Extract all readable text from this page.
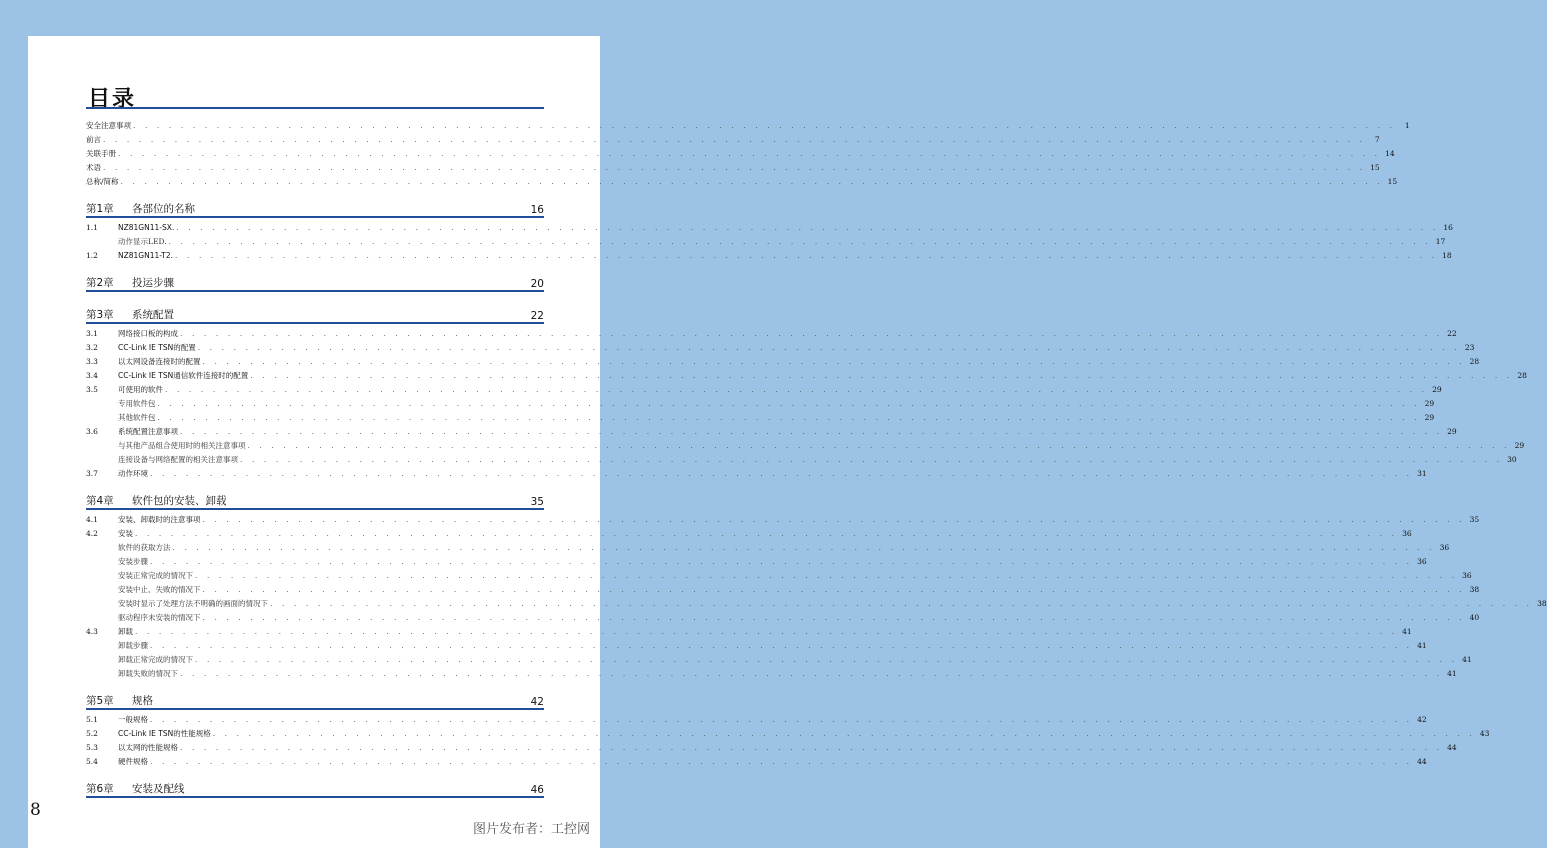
目录
安全注意事项 . . . . . . . . . . . . . . . . . . . . . . . . . . . . . . . . . . . . . . . . . . . . . . . . . . . . . . . . . . . . . . . . . . . . . . . . . . . . . . . . . . . . . . . . . . . . . . . . . . . . . . . . . .	1
前言 . . . . . . . . . . . . . . . . . . . . . . . . . . . . . . . . . . . . . . . . . . . . . . . . . . . . . . . . . . . . . . . . . . . . . . . . . . . . . . . . . . . . . . . . . . . . . . . . . . . . . . . . . .	7
关联手册 . . . . . . . . . . . . . . . . . . . . . . . . . . . . . . . . . . . . . . . . . . . . . . . . . . . . . . . . . . . . . . . . . . . . . . . . . . . . . . . . . . . . . . . . . . . . . . . . . . . . . . . . . . 14
术语 . . . . . . . . . . . . . . . . . . . . . . . . . . . . . . . . . . . . . . . . . . . . . . . . . . . . . . . . . . . . . . . . . . . . . . . . . . . . . . . . . . . . . . . . . . . . . . . . . . . . . . . . . . 15
总称/简称 . . . . . . . . . . . . . . . . . . . . . . . . . . . . . . . . . . . . . . . . . . . . . . . . . . . . . . . . . . . . . . . . . . . . . . . . . . . . . . . . . . . . . . . . . . . . . . . . . . . . . . . . . . 15
第1章	各部位的名称	16
1.1	NZ81GN11-SX. . . . . . . . . . . . . . . . . . . . . . . . . . . . . . . . . . . . . . . . . . . . . . . . . . . . . . . . . . . . . . . . . . . . . . . . . . . . . . . . . . . . . . . . . . . . . . . . . . . . . . . . . . . 16
动作显示LED. . . . . . . . . . . . . . . . . . . . . . . . . . . . . . . . . . . . . . . . . . . . . . . . . . . . . . . . . . . . . . . . . . . . . . . . . . . . . . . . . . . . . . . . . . . . . . . . . . . . . . . . . . . 17
1.2	NZ81GN11-T2. . . . . . . . . . . . . . . . . . . . . . . . . . . . . . . . . . . . . . . . . . . . . . . . . . . . . . . . . . . . . . . . . . . . . . . . . . . . . . . . . . . . . . . . . . . . . . . . . . . . . . . . . . . 18
第2章	投运步骤	20
第3章	系统配置	22
3.1	网络接口板的构成 . . . . . . . . . . . . . . . . . . . . . . . . . . . . . . . . . . . . . . . . . . . . . . . . . . . . . . . . . . . . . . . . . . . . . . . . . . . . . . . . . . . . . . . . . . . . . . . . . . . . . . . . . . 22
3.2	CC-Link IE TSN的配置 . . . . . . . . . . . . . . . . . . . . . . . . . . . . . . . . . . . . . . . . . . . . . . . . . . . . . . . . . . . . . . . . . . . . . . . . . . . . . . . . . . . . . . . . . . . . . . . . . . . . . . . . . . 23
3.3	以太网设备连接时的配置 . . . . . . . . . . . . . . . . . . . . . . . . . . . . . . . . . . . . . . . . . . . . . . . . . . . . . . . . . . . . . . . . . . . . . . . . . . . . . . . . . . . . . . . . . . . . . . . . . . . . . . . . . . 28
3.4	CC-Link IE TSN通信软件连接时的配置 . . . . . . . . . . . . . . . . . . . . . . . . . . . . . . . . . . . . . . . . . . . . . . . . . . . . . . . . . . . . . . . . . . . . . . . . . . . . . . . . . . . . . . . . . . . . . . . . . . . . . . . . . . 28
3.5	可使用的软件 . . . . . . . . . . . . . . . . . . . . . . . . . . . . . . . . . . . . . . . . . . . . . . . . . . . . . . . . . . . . . . . . . . . . . . . . . . . . . . . . . . . . . . . . . . . . . . . . . . . . . . . . . . 29
专用软件包 . . . . . . . . . . . . . . . . . . . . . . . . . . . . . . . . . . . . . . . . . . . . . . . . . . . . . . . . . . . . . . . . . . . . . . . . . . . . . . . . . . . . . . . . . . . . . . . . . . . . . . . . . . 29
其他软件包 . . . . . . . . . . . . . . . . . . . . . . . . . . . . . . . . . . . . . . . . . . . . . . . . . . . . . . . . . . . . . . . . . . . . . . . . . . . . . . . . . . . . . . . . . . . . . . . . . . . . . . . . . . 29
3.6	系统配置注意事项 . . . . . . . . . . . . . . . . . . . . . . . . . . . . . . . . . . . . . . . . . . . . . . . . . . . . . . . . . . . . . . . . . . . . . . . . . . . . . . . . . . . . . . . . . . . . . . . . . . . . . . . . . . 29
与其他产品组合使用时的相关注意事项 . . . . . . . . . . . . . . . . . . . . . . . . . . . . . . . . . . . . . . . . . . . . . . . . . . . . . . . . . . . . . . . . . . . . . . . . . . . . . . . . . . . . . . . . . . . . . . . . . . . . . . . . . . 29
连接设备与网络配置的相关注意事项 . . . . . . . . . . . . . . . . . . . . . . . . . . . . . . . . . . . . . . . . . . . . . . . . . . . . . . . . . . . . . . . . . . . . . . . . . . . . . . . . . . . . . . . . . . . . . . . . . . . . . . . . . . 30
3.7	动作环境 . . . . . . . . . . . . . . . . . . . . . . . . . . . . . . . . . . . . . . . . . . . . . . . . . . . . . . . . . . . . . . . . . . . . . . . . . . . . . . . . . . . . . . . . . . . . . . . . . . . . . . . . . . 31
第4章	软件包的安装、卸载	35
4.1	安装、卸载时的注意事项 . . . . . . . . . . . . . . . . . . . . . . . . . . . . . . . . . . . . . . . . . . . . . . . . . . . . . . . . . . . . . . . . . . . . . . . . . . . . . . . . . . . . . . . . . . . . . . . . . . . . . . . . . . 35
4.2	安装 . . . . . . . . . . . . . . . . . . . . . . . . . . . . . . . . . . . . . . . . . . . . . . . . . . . . . . . . . . . . . . . . . . . . . . . . . . . . . . . . . . . . . . . . . . . . . . . . . . . . . . . . . . 36
软件的获取方法 . . . . . . . . . . . . . . . . . . . . . . . . . . . . . . . . . . . . . . . . . . . . . . . . . . . . . . . . . . . . . . . . . . . . . . . . . . . . . . . . . . . . . . . . . . . . . . . . . . . . . . . . . . 36
安装步骤 . . . . . . . . . . . . . . . . . . . . . . . . . . . . . . . . . . . . . . . . . . . . . . . . . . . . . . . . . . . . . . . . . . . . . . . . . . . . . . . . . . . . . . . . . . . . . . . . . . . . . . . . . . 36
安装正常完成的情况下 . . . . . . . . . . . . . . . . . . . . . . . . . . . . . . . . . . . . . . . . . . . . . . . . . . . . . . . . . . . . . . . . . . . . . . . . . . . . . . . . . . . . . . . . . . . . . . . . . . . . . . . . . . 36
安装中止、失败的情况下 . . . . . . . . . . . . . . . . . . . . . . . . . . . . . . . . . . . . . . . . . . . . . . . . . . . . . . . . . . . . . . . . . . . . . . . . . . . . . . . . . . . . . . . . . . . . . . . . . . . . . . . . . . 38
安装时显示了处理方法不明确的画面的情况下 . . . . . . . . . . . . . . . . . . . . . . . . . . . . . . . . . . . . . . . . . . . . . . . . . . . . . . . . . . . . . . . . . . . . . . . . . . . . . . . . . . . . . . . . . . . . . . . . . . . . . . . . . . 38
驱动程序未安装的情况下 . . . . . . . . . . . . . . . . . . . . . . . . . . . . . . . . . . . . . . . . . . . . . . . . . . . . . . . . . . . . . . . . . . . . . . . . . . . . . . . . . . . . . . . . . . . . . . . . . . . . . . . . . . 40
4.3	卸载 . . . . . . . . . . . . . . . . . . . . . . . . . . . . . . . . . . . . . . . . . . . . . . . . . . . . . . . . . . . . . . . . . . . . . . . . . . . . . . . . . . . . . . . . . . . . . . . . . . . . . . . . . . 41
卸载步骤 . . . . . . . . . . . . . . . . . . . . . . . . . . . . . . . . . . . . . . . . . . . . . . . . . . . . . . . . . . . . . . . . . . . . . . . . . . . . . . . . . . . . . . . . . . . . . . . . . . . . . . . . . . 41
卸载正常完成的情况下 . . . . . . . . . . . . . . . . . . . . . . . . . . . . . . . . . . . . . . . . . . . . . . . . . . . . . . . . . . . . . . . . . . . . . . . . . . . . . . . . . . . . . . . . . . . . . . . . . . . . . . . . . . 41
卸载失败的情况下 . . . . . . . . . . . . . . . . . . . . . . . . . . . . . . . . . . . . . . . . . . . . . . . . . . . . . . . . . . . . . . . . . . . . . . . . . . . . . . . . . . . . . . . . . . . . . . . . . . . . . . . . . . 41
第5章	规格	42
5.1	一般规格 . . . . . . . . . . . . . . . . . . . . . . . . . . . . . . . . . . . . . . . . . . . . . . . . . . . . . . . . . . . . . . . . . . . . . . . . . . . . . . . . . . . . . . . . . . . . . . . . . . . . . . . . . . 42
5.2	CC-Link IE TSN的性能规格 . . . . . . . . . . . . . . . . . . . . . . . . . . . . . . . . . . . . . . . . . . . . . . . . . . . . . . . . . . . . . . . . . . . . . . . . . . . . . . . . . . . . . . . . . . . . . . . . . . . . . . . . . . 43
5.3	以太网的性能规格 . . . . . . . . . . . . . . . . . . . . . . . . . . . . . . . . . . . . . . . . . . . . . . . . . . . . . . . . . . . . . . . . . . . . . . . . . . . . . . . . . . . . . . . . . . . . . . . . . . . . . . . . . . 44
5.4	硬件规格 . . . . . . . . . . . . . . . . . . . . . . . . . . . . . . . . . . . . . . . . . . . . . . . . . . . . . . . . . . . . . . . . . . . . . . . . . . . . . . . . . . . . . . . . . . . . . . . . . . . . . . . . . . 44
第6章	安装及配线	46
8
图片发布者：工控网
